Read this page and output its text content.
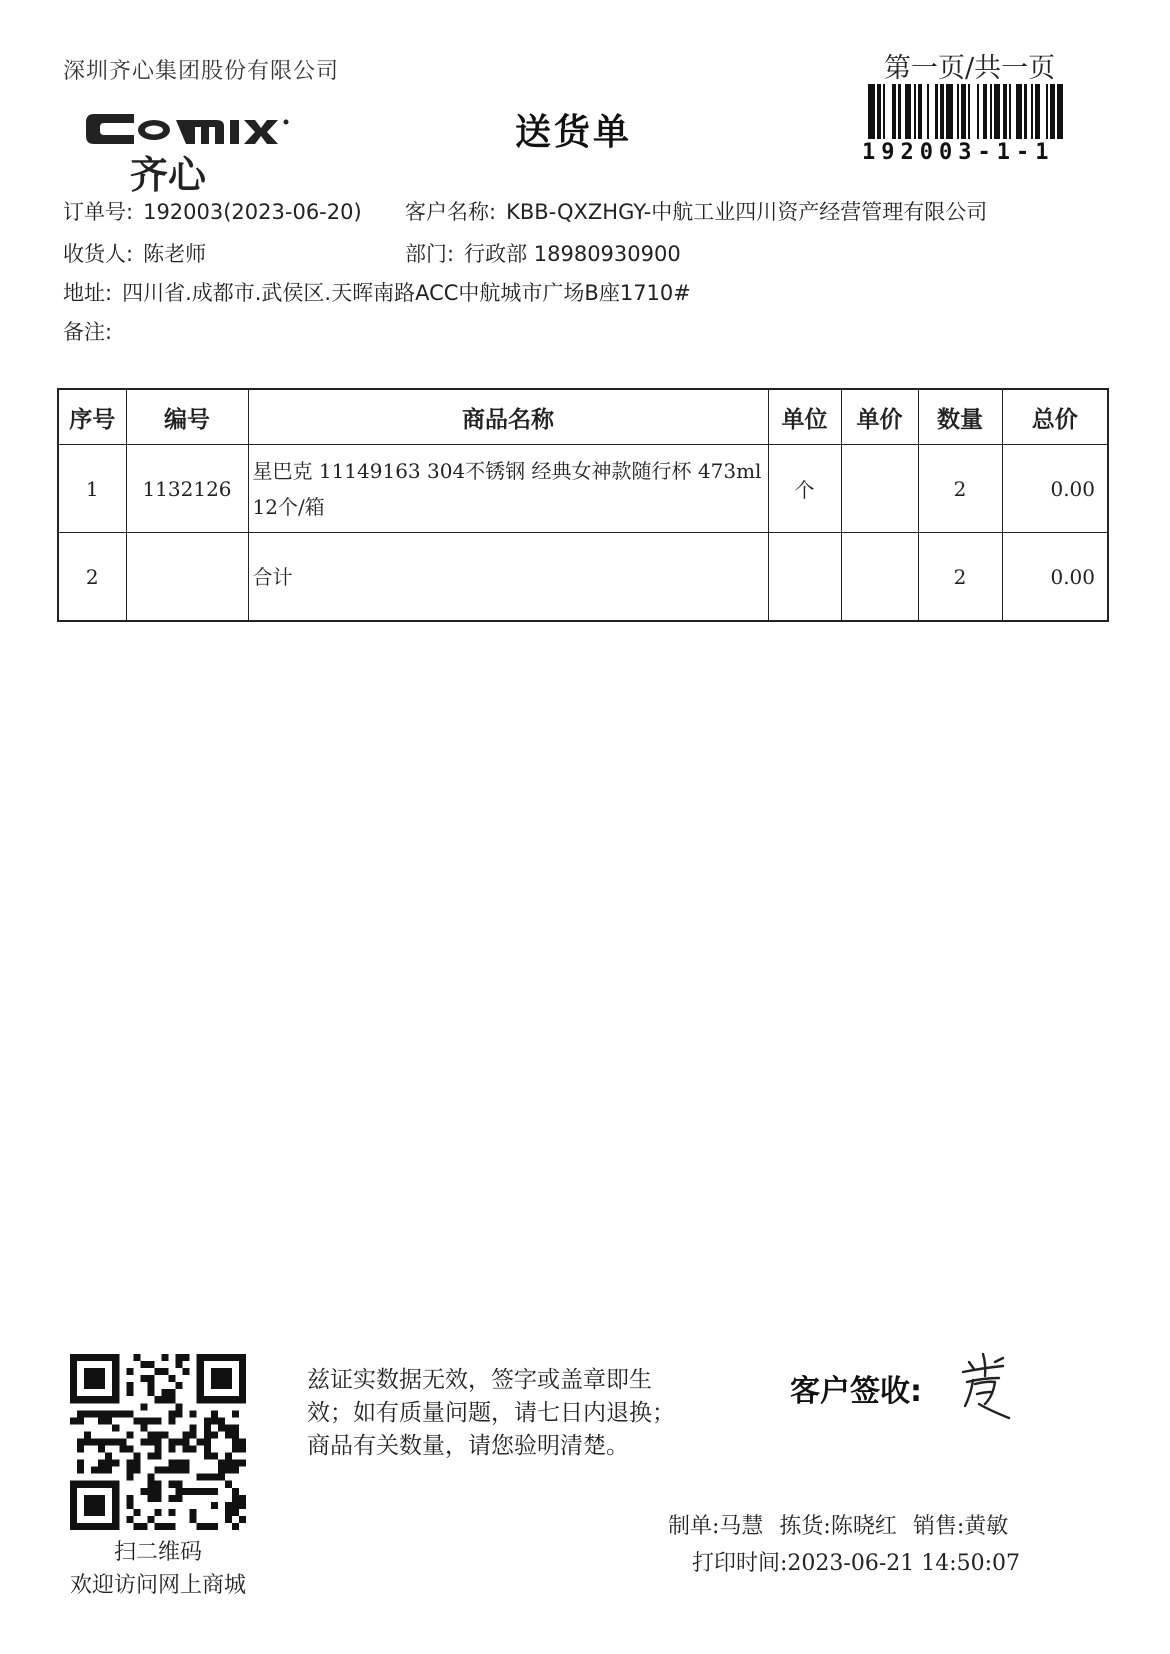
深圳齐心集团股份有限公司	第一页/共一页
192003-1-1
齐心
送货单
订单号: 192003(2023-06-20) 客户名称: KBB-QXZHGY-中航工业四川资产经营管理有限公司
收货人: 陈老师	部门: 行政部 18980930900
地址: 四川省.成都市.武侯区.天晖南路ACC中航城市广场B座1710#
备注:
序号	编号	商品名称	单位	单价	数量	总价
1	1132126	星巴克 11149163 304不锈钢 经典女神款随行杯 473ml 12个/箱	个		2	0.00
2		合计			2	0.00
扫二维码
欢迎访问网上商城
兹证实数据无效，签字或盖章即生效；如有质量问题，请七日内退换；商品有关数量，请您验明清楚。
客户签收:
制单:马慧 拣货:陈晓红 销售:黄敏
打印时间:2023-06-21 14:50:07
